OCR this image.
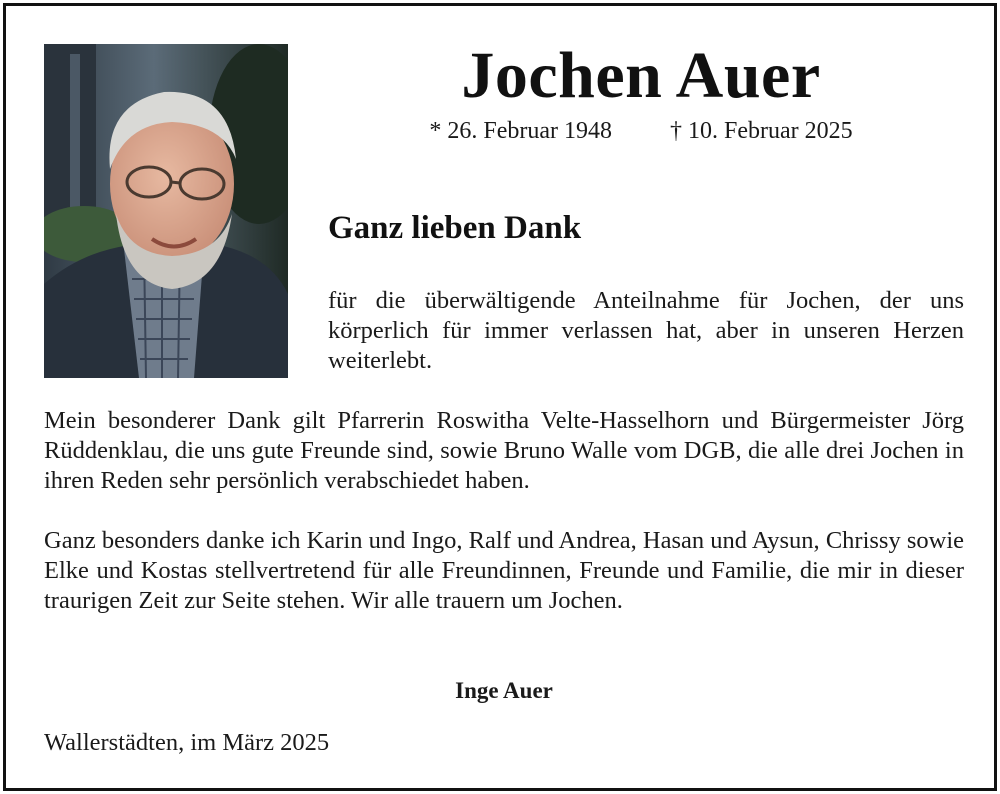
Jochen Auer
* 26. Februar 1948 † 10. Februar 2025
Ganz lieben Dank
für die überwältigende Anteilnahme für Jochen, der uns körperlich für immer verlassen hat, aber in unseren Herzen weiterlebt.
Mein besonderer Dank gilt Pfarrerin Roswitha Velte-Hasselhorn und Bürgermeister Jörg Rüddenklau, die uns gute Freunde sind, sowie Bruno Walle vom DGB, die alle drei Jochen in ihren Reden sehr persönlich verabschiedet haben.
Ganz besonders danke ich Karin und Ingo, Ralf und Andrea, Hasan und Aysun, Chrissy sowie Elke und Kostas stellvertretend für alle Freundinnen, Freunde und Familie, die mir in dieser traurigen Zeit zur Seite stehen. Wir alle trauern um Jochen.
Inge Auer
Wallerstädten, im März 2025
